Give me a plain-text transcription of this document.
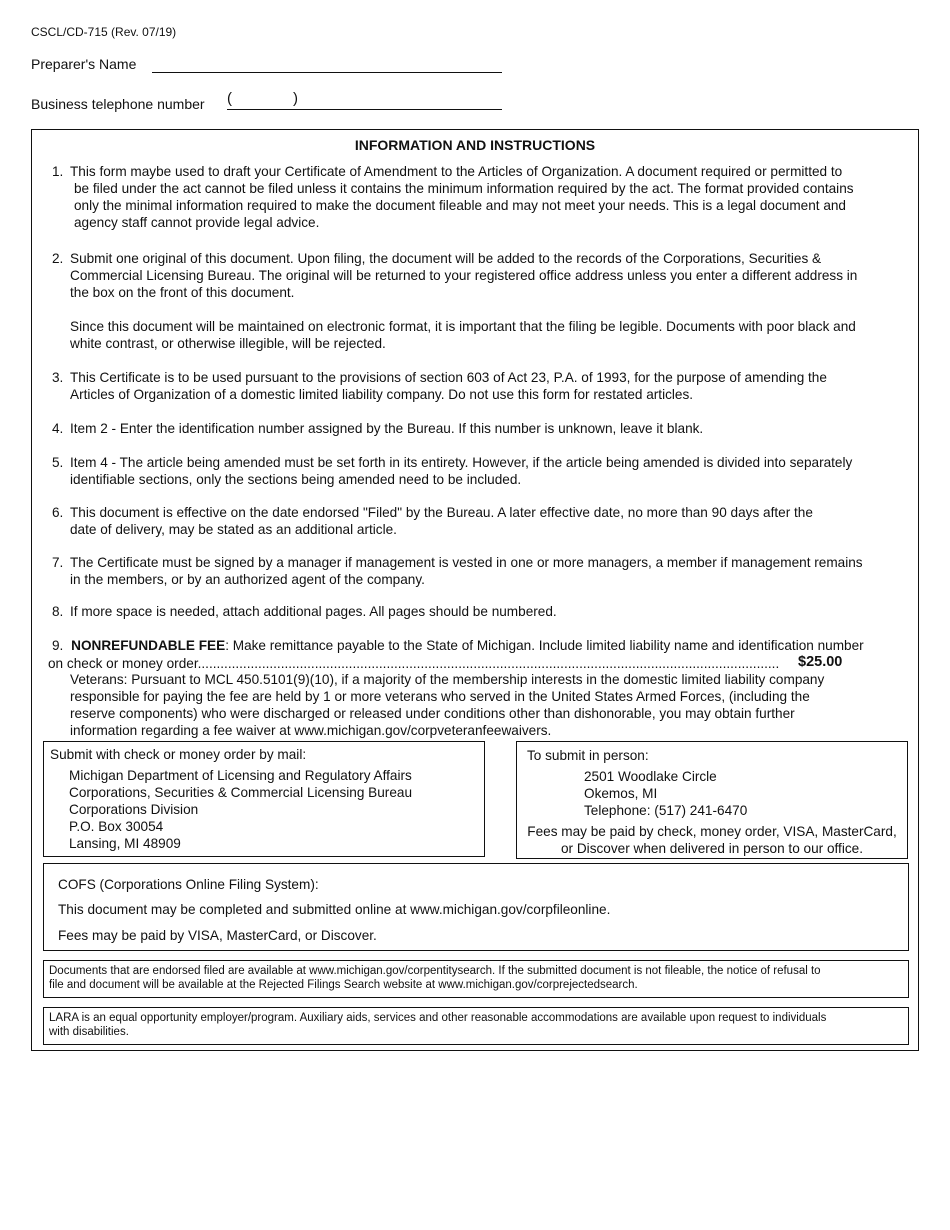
CSCL/CD-715 (Rev. 07/19)
Preparer's Name
Business telephone number (	)
INFORMATION AND INSTRUCTIONS
1. This form maybe used to draft your Certificate of Amendment to the Articles of Organization. A document required or permitted to
be filed under the act cannot be filed unless it contains the minimum information required by the act. The format provided contains
only the minimal information required to make the document fileable and may not meet your needs. This is a legal document and
agency staff cannot provide legal advice.
2. Submit one original of this document. Upon filing, the document will be added to the records of the Corporations, Securities &
Commercial Licensing Bureau. The original will be returned to your registered office address unless you enter a different address in
the box on the front of this document.
Since this document will be maintained on electronic format, it is important that the filing be legible. Documents with poor black and
white contrast, or otherwise illegible, will be rejected.
3. This Certificate is to be used pursuant to the provisions of section 603 of Act 23, P.A. of 1993, for the purpose of amending the
Articles of Organization of a domestic limited liability company. Do not use this form for restated articles.
4. Item 2 - Enter the identification number assigned by the Bureau. If this number is unknown, leave it blank.
5. Item 4 - The article being amended must be set forth in its entirety. However, if the article being amended is divided into separately
identifiable sections, only the sections being amended need to be included.
6. This document is effective on the date endorsed "Filed" by the Bureau. A later effective date, no more than 90 days after the
date of delivery, may be stated as an additional article.
7. The Certificate must be signed by a manager if management is vested in one or more managers, a member if management remains
in the members, or by an authorized agent of the company.
8. If more space is needed, attach additional pages. All pages should be numbered.
9. NONREFUNDABLE FEE: Make remittance payable to the State of Michigan. Include limited liability name and identification number
on check or money order..........................................................................................................................................................	$25.00
Veterans: Pursuant to MCL 450.5101(9)(10), if a majority of the membership interests in the domestic limited liability company
responsible for paying the fee are held by 1 or more veterans who served in the United States Armed Forces, (including the
reserve components) who were discharged or released under conditions other than dishonorable, you may obtain further
information regarding a fee waiver at www.michigan.gov/corpveteranfeewaivers.
Submit with check or money order by mail:
Michigan Department of Licensing and Regulatory Affairs
Corporations, Securities & Commercial Licensing Bureau
Corporations Division
P.O. Box 30054
Lansing, MI 48909
To submit in person:
2501 Woodlake Circle
Okemos, MI
Telephone: (517) 241-6470
Fees may be paid by check, money order, VISA, MasterCard,
or Discover when delivered in person to our office.
COFS (Corporations Online Filing System):
This document may be completed and submitted online at www.michigan.gov/corpfileonline.
Fees may be paid by VISA, MasterCard, or Discover.
Documents that are endorsed filed are available at www.michigan.gov/corpentitysearch. If the submitted document is not fileable, the notice of refusal to
file and document will be available at the Rejected Filings Search website at www.michigan.gov/corprejectedsearch.
LARA is an equal opportunity employer/program. Auxiliary aids, services and other reasonable accommodations are available upon request to individuals
with disabilities.
